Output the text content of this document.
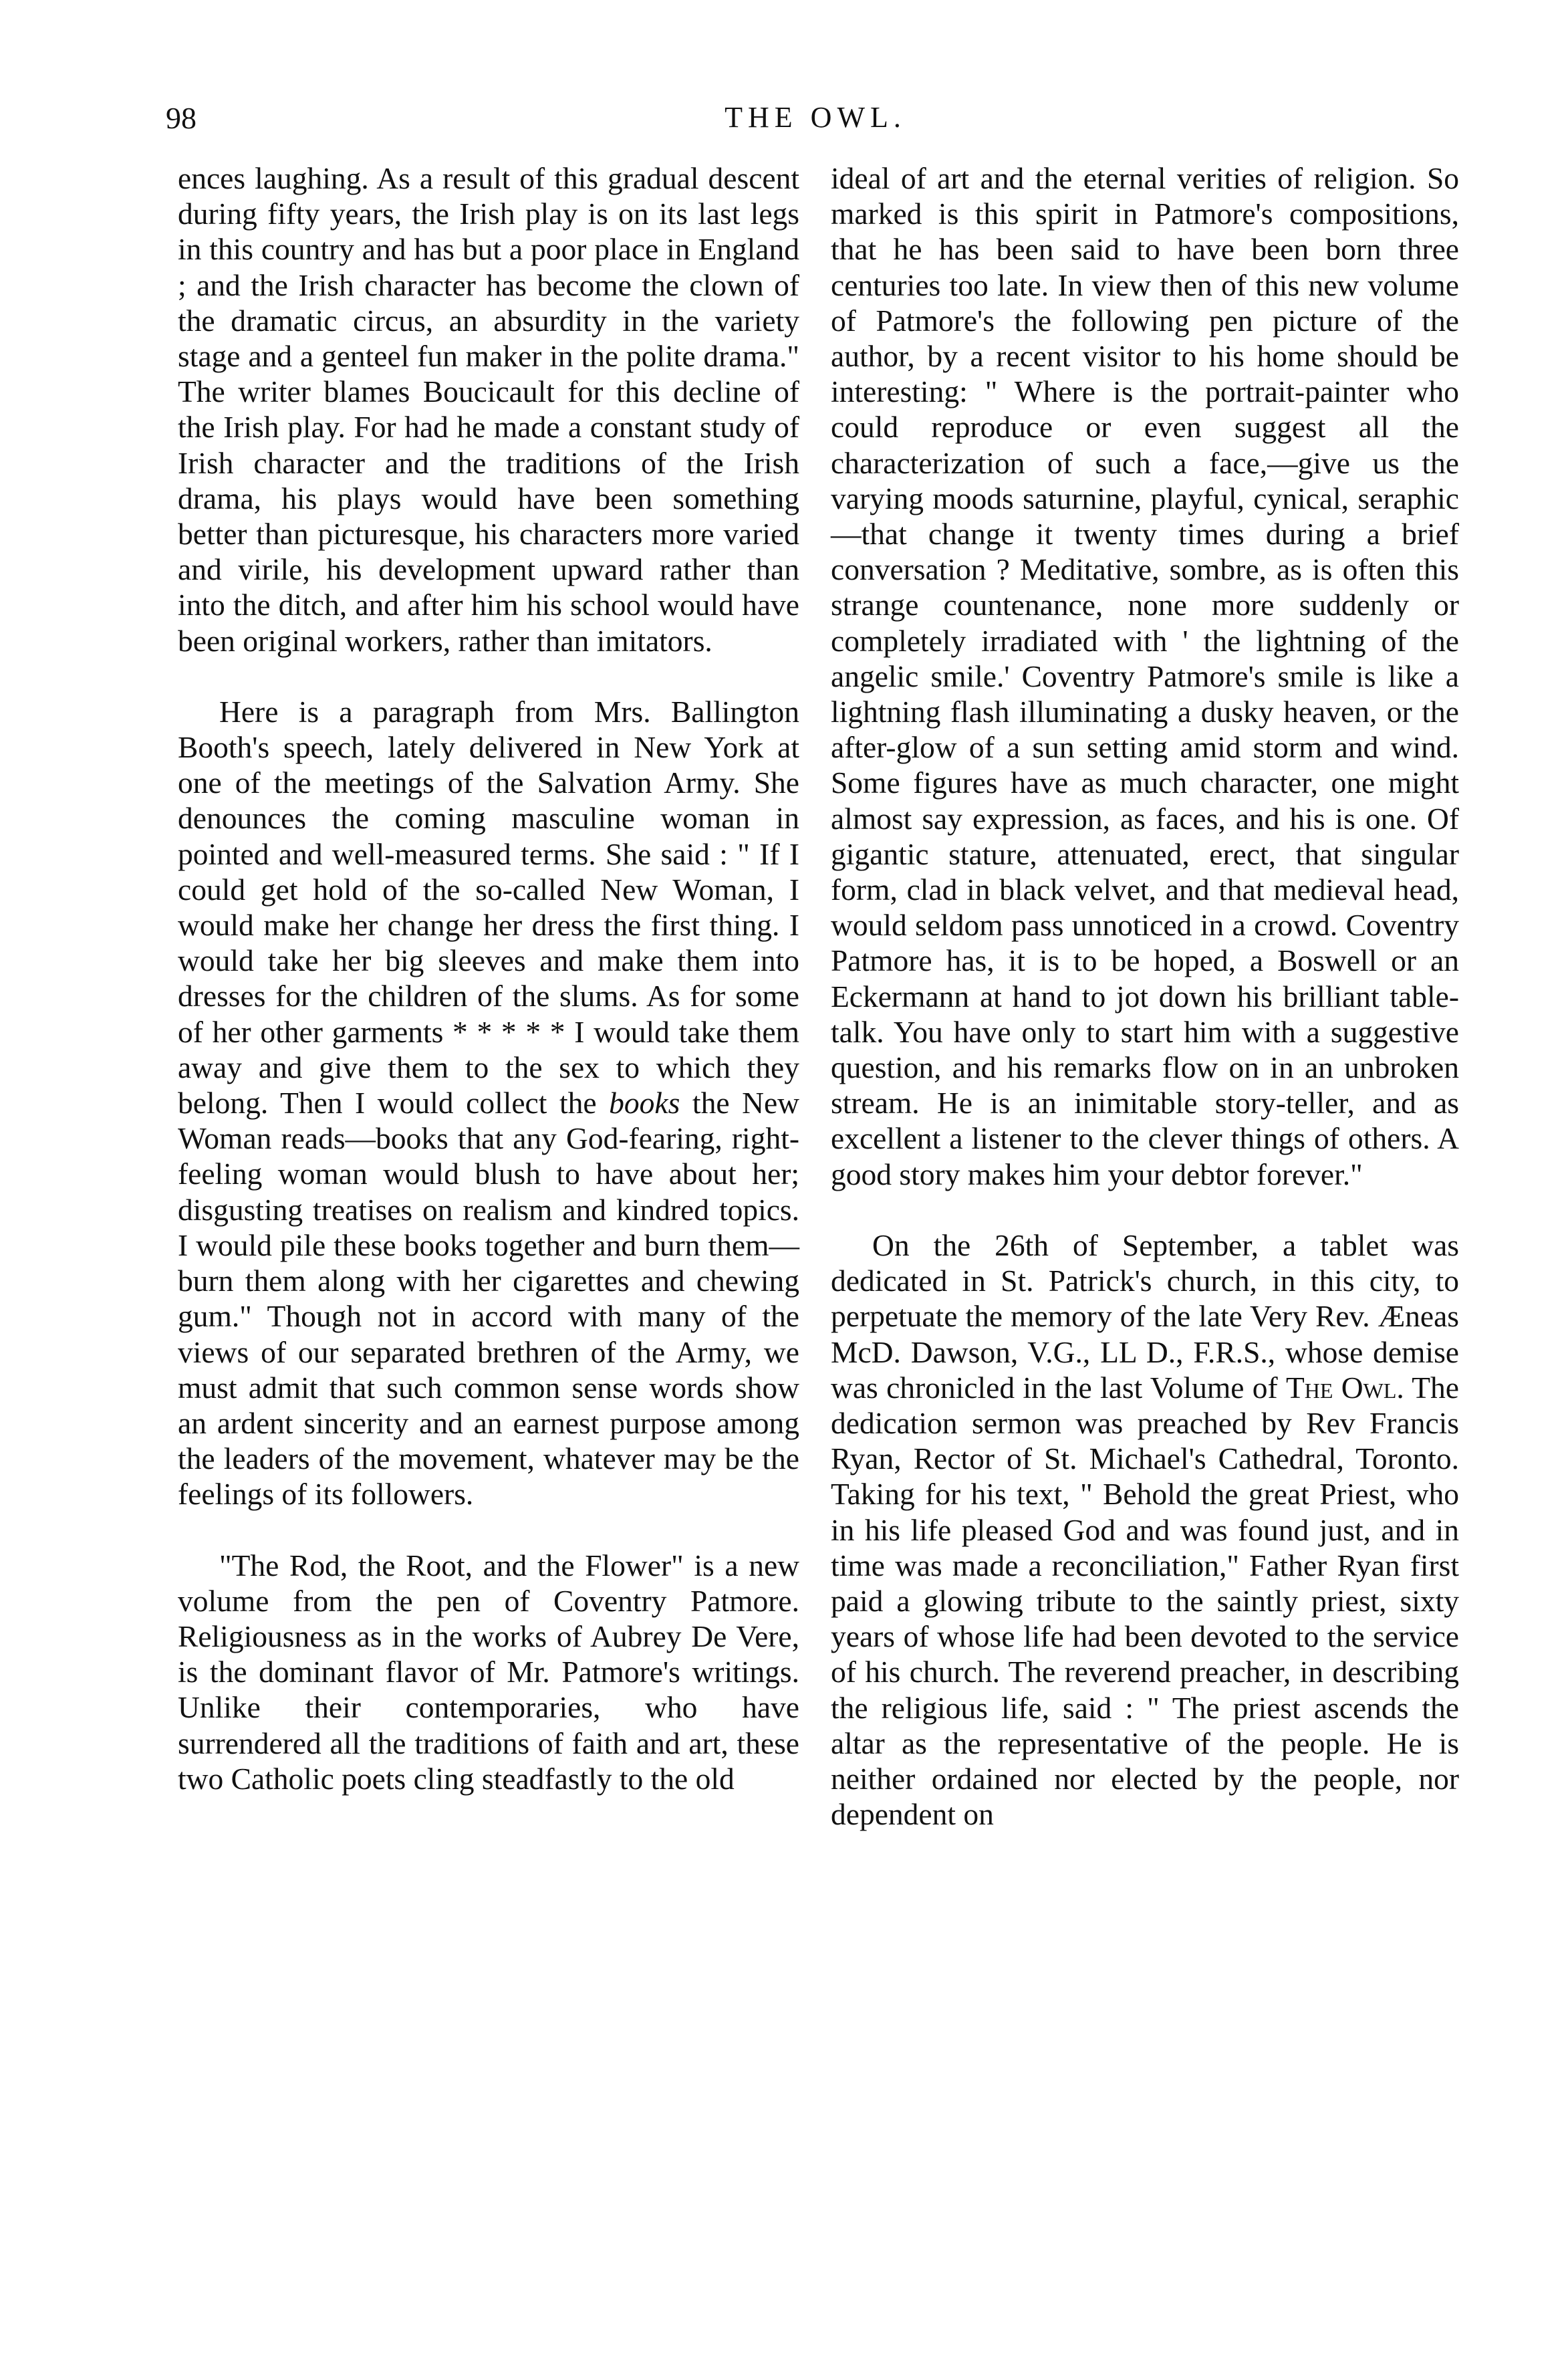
98	THE OWL.

ences laughing. As a result of this gradual descent during fifty years, the Irish play is on its last legs in this country and has but a poor place in England ; and the Irish character has become the clown of the dramatic circus, an absurdity in the variety stage and a genteel fun maker in the polite drama." The writer blames Boucicault for this decline of the Irish play. For had he made a constant study of Irish character and the traditions of the Irish drama, his plays would have been something better than picturesque, his characters more varied and virile, his development upward rather than into the ditch, and after him his school would have been original workers, rather than imitators.

Here is a paragraph from Mrs. Ballington Booth's speech, lately delivered in New York at one of the meetings of the Salvation Army. She denounces the coming masculine woman in pointed and well-measured terms. She said : " If I could get hold of the so-called New Woman, I would make her change her dress the first thing. I would take her big sleeves and make them into dresses for the children of the slums. As for some of her other garments * * * * * I would take them away and give them to the sex to which they belong. Then I would collect the books the New Woman reads—books that any God-fearing, right-feeling woman would blush to have about her; disgusting treatises on realism and kindred topics. I would pile these books together and burn them—burn them along with her cigarettes and chewing gum." Though not in accord with many of the views of our separated brethren of the Army, we must admit that such common sense words show an ardent sincerity and an earnest purpose among the leaders of the movement, whatever may be the feelings of its followers.

"The Rod, the Root, and the Flower" is a new volume from the pen of Coventry Patmore. Religiousness as in the works of Aubrey De Vere, is the dominant flavor of Mr. Patmore's writings. Unlike their contemporaries, who have surrendered all the traditions of faith and art, these two Catholic poets cling steadfastly to the old

ideal of art and the eternal verities of religion. So marked is this spirit in Patmore's compositions, that he has been said to have been born three centuries too late. In view then of this new volume of Patmore's the following pen picture of the author, by a recent visitor to his home should be interesting: " Where is the portrait-painter who could reproduce or even suggest all the characterization of such a face,—give us the varying moods saturnine, playful, cynical, seraphic—that change it twenty times during a brief conversation ? Meditative, sombre, as is often this strange countenance, none more suddenly or completely irradiated with ' the lightning of the angelic smile.' Coventry Patmore's smile is like a lightning flash illuminating a dusky heaven, or the after-glow of a sun setting amid storm and wind. Some figures have as much character, one might almost say expression, as faces, and his is one. Of gigantic stature, attenuated, erect, that singular form, clad in black velvet, and that medieval head, would seldom pass unnoticed in a crowd. Coventry Patmore has, it is to be hoped, a Boswell or an Eckermann at hand to jot down his brilliant table-talk. You have only to start him with a suggestive question, and his remarks flow on in an unbroken stream. He is an inimitable story-teller, and as excellent a listener to the clever things of others. A good story makes him your debtor forever."

On the 26th of September, a tablet was dedicated in St. Patrick's church, in this city, to perpetuate the memory of the late Very Rev. Æneas McD. Dawson, V.G., LL D., F.R.S., whose demise was chronicled in the last Volume of The Owl. The dedication sermon was preached by Rev Francis Ryan, Rector of St. Michael's Cathedral, Toronto. Taking for his text, " Behold the great Priest, who in his life pleased God and was found just, and in time was made a reconciliation," Father Ryan first paid a glowing tribute to the saintly priest, sixty years of whose life had been devoted to the service of his church. The reverend preacher, in describing the religious life, said : " The priest ascends the altar as the representative of the people. He is neither ordained nor elected by the people, nor dependent on
